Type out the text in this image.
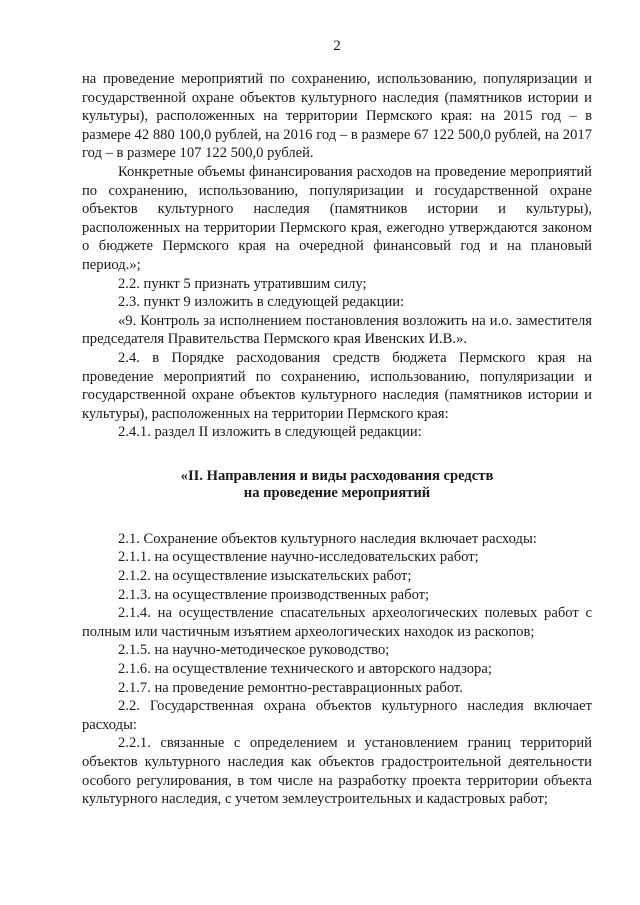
2

на проведение мероприятий по сохранению, использованию, популяризации и государственной охране объектов культурного наследия (памятников истории и культуры), расположенных на территории Пермского края: на 2015 год – в размере 42 880 100,0 рублей, на 2016 год – в размере 67 122 500,0 рублей, на 2017 год – в размере 107 122 500,0 рублей.

Конкретные объемы финансирования расходов на проведение мероприятий по сохранению, использованию, популяризации и государственной охране объектов культурного наследия (памятников истории и культуры), расположенных на территории Пермского края, ежегодно утверждаются законом о бюджете Пермского края на очередной финансовый год и на плановый период.»;

2.2. пункт 5 признать утратившим силу;

2.3. пункт 9 изложить в следующей редакции:

«9. Контроль за исполнением постановления возложить на и.о. заместителя председателя Правительства Пермского края Ивенских И.В.».

2.4. в Порядке расходования средств бюджета Пермского края на проведение мероприятий по сохранению, использованию, популяризации и государственной охране объектов культурного наследия (памятников истории и культуры), расположенных на территории Пермского края:

2.4.1. раздел II изложить в следующей редакции:

«II. Направления и виды расходования средств
на проведение мероприятий

2.1. Сохранение объектов культурного наследия включает расходы:

2.1.1. на осуществление научно-исследовательских работ;

2.1.2. на осуществление изыскательских работ;

2.1.3. на осуществление производственных работ;

2.1.4. на осуществление спасательных археологических полевых работ с полным или частичным изъятием археологических находок из раскопов;

2.1.5. на научно-методическое руководство;

2.1.6. на осуществление технического и авторского надзора;

2.1.7. на проведение ремонтно-реставрационных работ.

2.2. Государственная охрана объектов культурного наследия включает расходы:

2.2.1. связанные с определением и установлением границ территорий объектов культурного наследия как объектов градостроительной деятельности особого регулирования, в том числе на разработку проекта территории объекта культурного наследия, с учетом землеустроительных и кадастровых работ;
